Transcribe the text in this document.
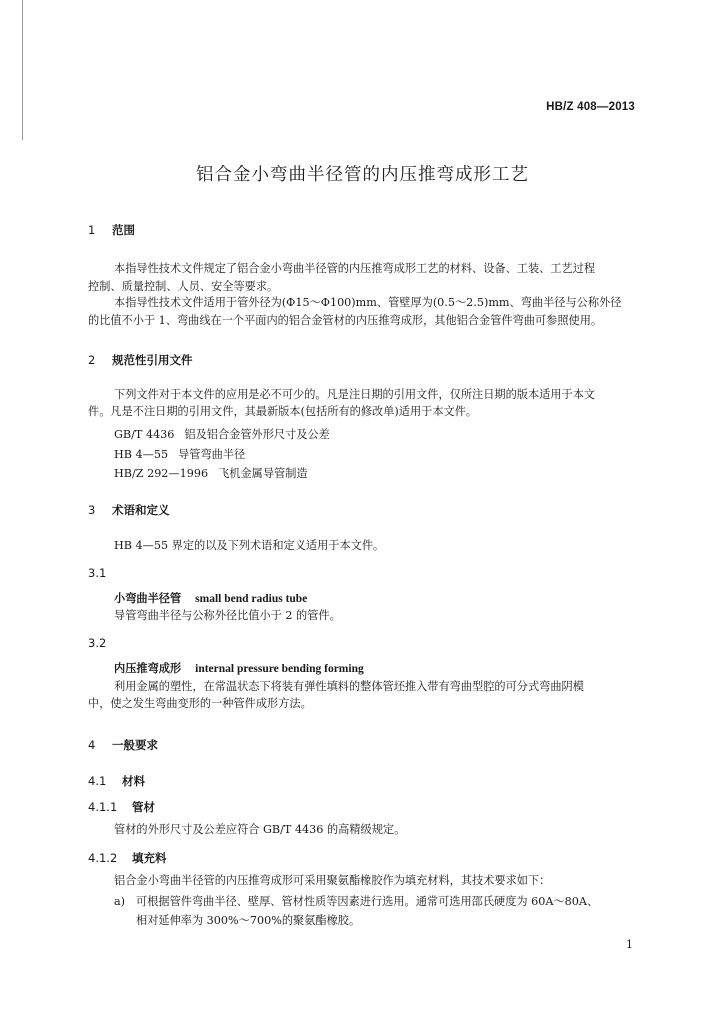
HB/Z 408—2013
铝合金小弯曲半径管的内压推弯成形工艺
1 范围
本指导性技术文件规定了铝合金小弯曲半径管的内压推弯成形工艺的材料、设备、工装、工艺过程
控制、质量控制、人员、安全等要求。
本指导性技术文件适用于管外径为(Φ15～Φ100)mm、管壁厚为(0.5～2.5)mm、弯曲半径与公称外径
的比值不小于 1、弯曲线在一个平面内的铝合金管材的内压推弯成形，其他铝合金管件弯曲可参照使用。
2 规范性引用文件
下列文件对于本文件的应用是必不可少的。凡是注日期的引用文件，仅所注日期的版本适用于本文
件。凡是不注日期的引用文件，其最新版本(包括所有的修改单)适用于本文件。
GB/T 4436 铝及铝合金管外形尺寸及公差
HB 4—55 导管弯曲半径
HB/Z 292—1996 飞机金属导管制造
3 术语和定义
HB 4—55 界定的以及下列术语和定义适用于本文件。
3.1
小弯曲半径管 small bend radius tube
导管弯曲半径与公称外径比值小于 2 的管件。
3.2
内压推弯成形 internal pressure bending forming
利用金属的塑性，在常温状态下将装有弹性填料的整体管坯推入带有弯曲型腔的可分式弯曲阴模
中，使之发生弯曲变形的一种管件成形方法。
4 一般要求
4.1 材料
4.1.1 管材
管材的外形尺寸及公差应符合 GB/T 4436 的高精级规定。
4.1.2 填充料
铝合金小弯曲半径管的内压推弯成形可采用聚氨酯橡胶作为填充材料，其技术要求如下：
a) 可根据管件弯曲半径、壁厚、管材性质等因素进行选用。通常可选用邵氏硬度为 60A～80A、
相对延伸率为 300%～700%的聚氨酯橡胶。
1
